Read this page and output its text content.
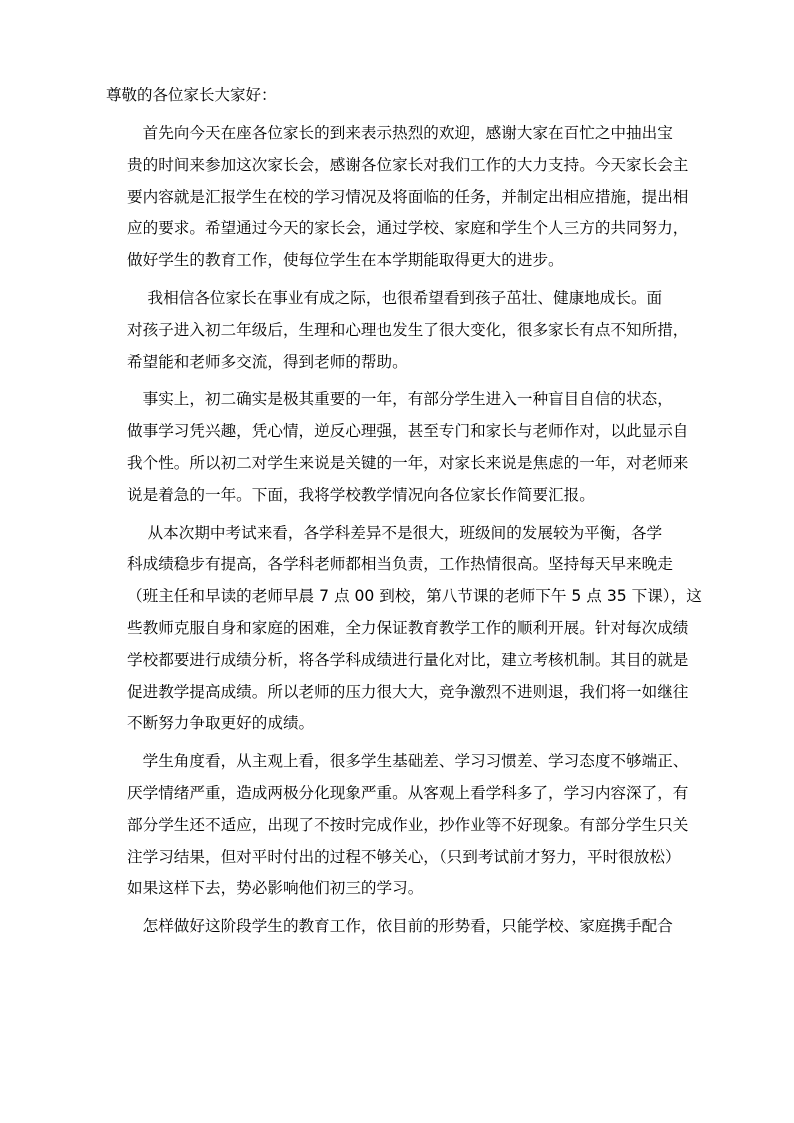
尊敬的各位家长大家好：
　首先向今天在座各位家长的到来表示热烈的欢迎，感谢大家在百忙之中抽出宝
贵的时间来参加这次家长会，感谢各位家长对我们工作的大力支持。今天家长会主
要内容就是汇报学生在校的学习情况及将面临的任务，并制定出相应措施，提出相
应的要求。希望通过今天的家长会，通过学校、家庭和学生个人三方的共同努力，
做好学生的教育工作，使每位学生在本学期能取得更大的进步。
　 我相信各位家长在事业有成之际，也很希望看到孩子茁壮、健康地成长。面
对孩子进入初二年级后，生理和心理也发生了很大变化，很多家长有点不知所措，
希望能和老师多交流，得到老师的帮助。
　事实上，初二确实是极其重要的一年，有部分学生进入一种盲目自信的状态，
做事学习凭兴趣，凭心情，逆反心理强，甚至专门和家长与老师作对，以此显示自
我个性。所以初二对学生来说是关键的一年，对家长来说是焦虑的一年，对老师来
说是着急的一年。下面，我将学校教学情况向各位家长作简要汇报。
　 从本次期中考试来看，各学科差异不是很大，班级间的发展较为平衡，各学
科成绩稳步有提高，各学科老师都相当负责，工作热情很高。坚持每天早来晚走
（班主任和早读的老师早晨 7 点 00 到校，第八节课的老师下午 5 点 35 下课），这
些教师克服自身和家庭的困难，全力保证教育教学工作的顺利开展。针对每次成绩
学校都要进行成绩分析，将各学科成绩进行量化对比，建立考核机制。其目的就是
促进教学提高成绩。所以老师的压力很大大，竞争激烈不进则退，我们将一如继往
不断努力争取更好的成绩。
　学生角度看，从主观上看，很多学生基础差、学习习惯差、学习态度不够端正、
厌学情绪严重，造成两极分化现象严重。从客观上看学科多了，学习内容深了，有
部分学生还不适应，出现了不按时完成作业，抄作业等不好现象。有部分学生只关
注学习结果，但对平时付出的过程不够关心，（只到考试前才努力，平时很放松）
如果这样下去，势必影响他们初三的学习。
　怎样做好这阶段学生的教育工作，依目前的形势看，只能学校、家庭携手配合
